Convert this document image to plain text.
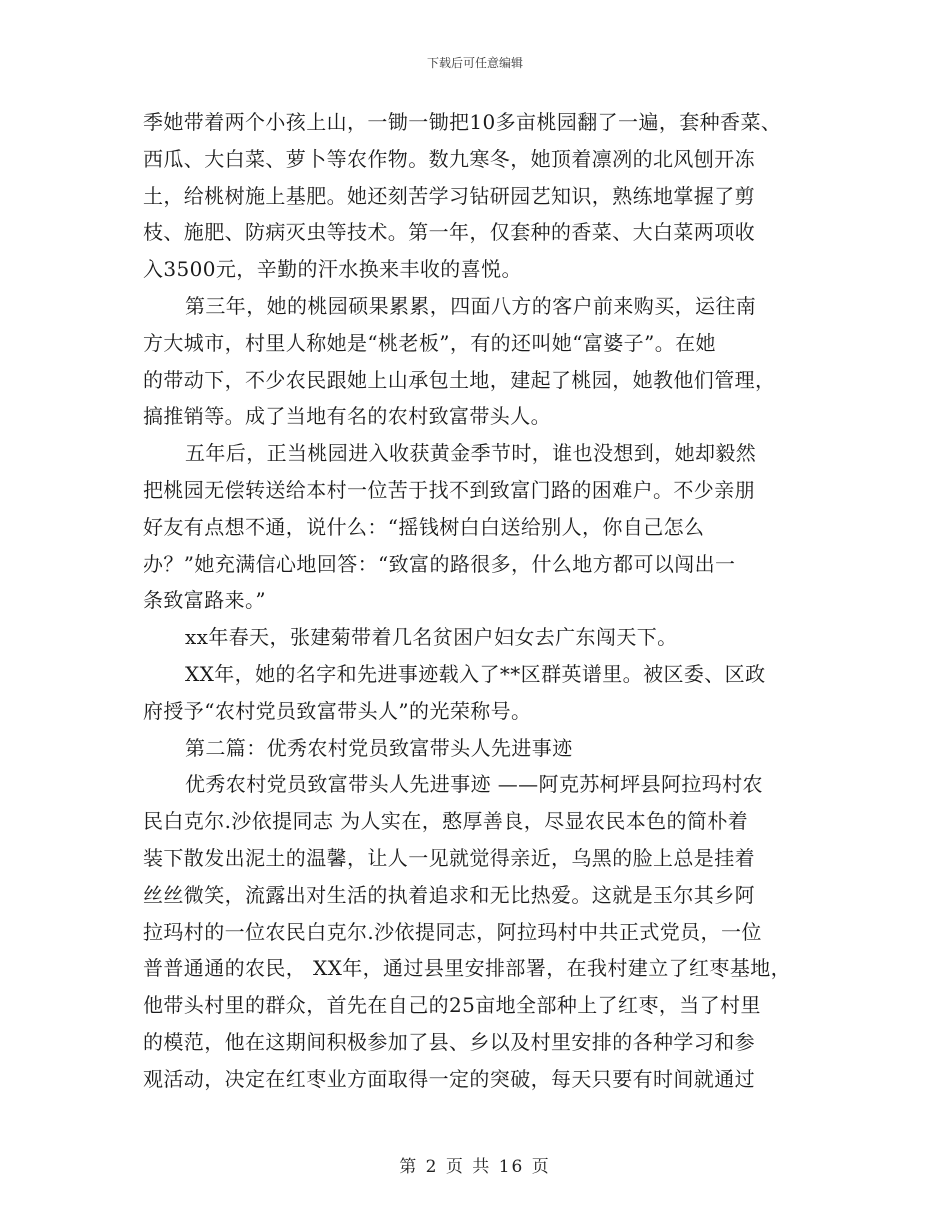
下载后可任意编辑
季她带着两个小孩上山，一锄一锄把10多亩桃园翻了一遍，套种香菜、
西瓜、大白菜、萝卜等农作物。数九寒冬，她顶着凛冽的北风刨开冻
土，给桃树施上基肥。她还刻苦学习钻研园艺知识，熟练地掌握了剪
枝、施肥、防病灭虫等技术。第一年，仅套种的香菜、大白菜两项收
入3500元，辛勤的汗水换来丰收的喜悦。
第三年，她的桃园硕果累累，四面八方的客户前来购买，运往南
方大城市，村里人称她是“桃老板”，有的还叫她“富婆子”。在她
的带动下，不少农民跟她上山承包土地，建起了桃园，她教他们管理，
搞推销等。成了当地有名的农村致富带头人。
五年后，正当桃园进入收获黄金季节时，谁也没想到，她却毅然
把桃园无偿转送给本村一位苦于找不到致富门路的困难户。不少亲朋
好友有点想不通，说什么：“摇钱树白白送给别人，你自己怎么
办？”她充满信心地回答：“致富的路很多，什么地方都可以闯出一
条致富路来。”
xx年春天，张建菊带着几名贫困户妇女去广东闯天下。
XX年，她的名字和先进事迹载入了**区群英谱里。被区委、区政
府授予“农村党员致富带头人”的光荣称号。
第二篇：优秀农村党员致富带头人先进事迹
优秀农村党员致富带头人先进事迹 ——阿克苏柯坪县阿拉玛村农
民白克尔.沙依提同志 为人实在，憨厚善良，尽显农民本色的简朴着
装下散发出泥土的温馨，让人一见就觉得亲近，乌黑的脸上总是挂着
丝丝微笑，流露出对生活的执着追求和无比热爱。这就是玉尔其乡阿
拉玛村的一位农民白克尔.沙依提同志，阿拉玛村中共正式党员，一位
普普通通的农民， XX年，通过县里安排部署，在我村建立了红枣基地，
他带头村里的群众，首先在自己的25亩地全部种上了红枣，当了村里
的模范，他在这期间积极参加了县、乡以及村里安排的各种学习和参
观活动，决定在红枣业方面取得一定的突破，每天只要有时间就通过
第 2 页 共 16 页
